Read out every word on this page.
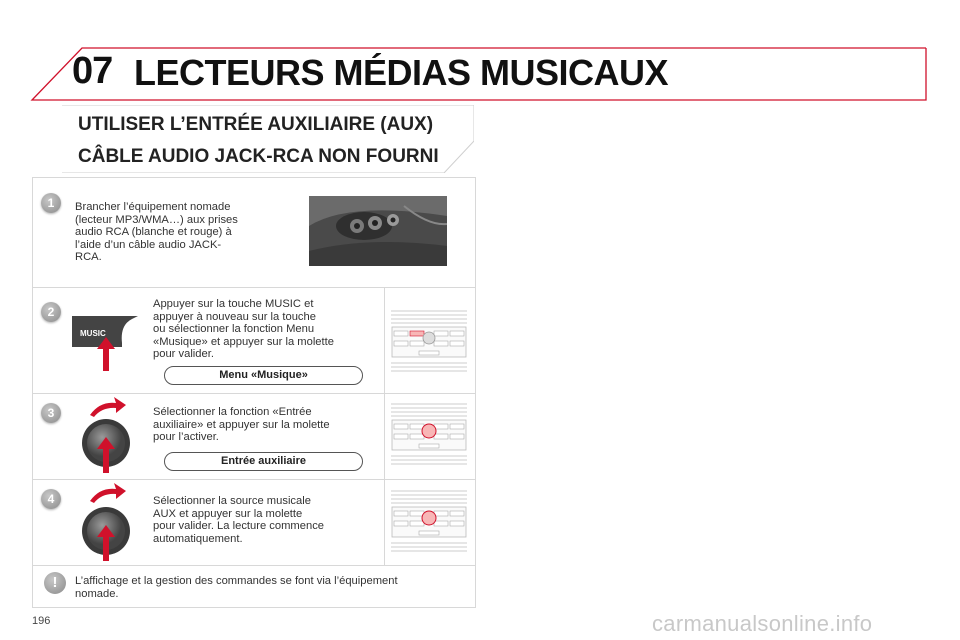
07 LECTEURS MÉDIAS MUSICAUX
UTILISER L’ENTRÉE AUXILIAIRE (AUX)
CÂBLE AUDIO JACK-RCA NON FOURNI
1	Brancher l’équipement nomade
(lecteur MP3/WMA…) aux prises
audio RCA (blanche et rouge) à
l’aide d’un câble audio JACK-
RCA.
2
MUSIC
Appuyer sur la touche MUSIC et
appuyer à nouveau sur la touche
ou sélectionner la fonction Menu
«Musique» et appuyer sur la molette
pour valider.
Menu «Musique»
3	Sélectionner la fonction «Entrée
auxiliaire» et appuyer sur la molette
pour l’activer.
Entrée auxiliaire
4	Sélectionner la source musicale
AUX et appuyer sur la molette
pour valider. La lecture commence
automatiquement.
!	L’affichage et la gestion des commandes se font via l’équipement
nomade.
196	carmanualsonline.info
